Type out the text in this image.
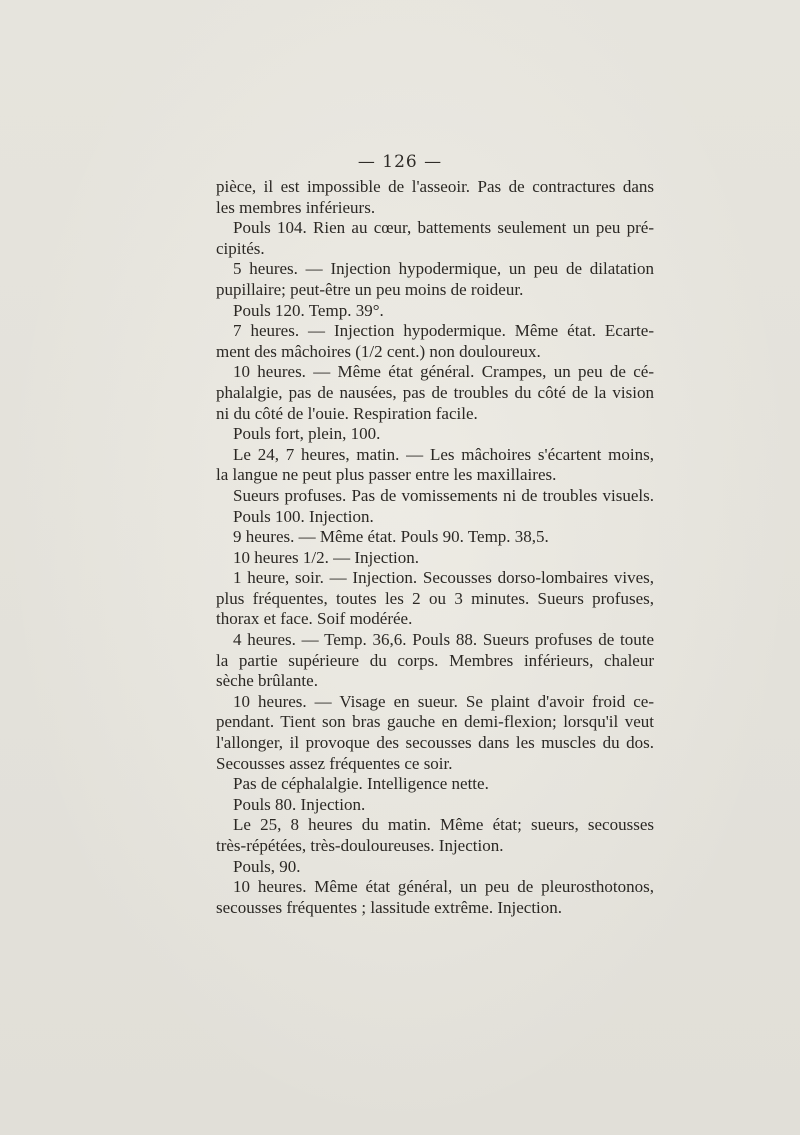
— 126 —
pièce, il est impossible de l'asseoir. Pas de contractures dans
les membres inférieurs.
Pouls 104. Rien au cœur, battements seulement un peu pré-
cipités.
5 heures. — Injection hypodermique, un peu de dilatation
pupillaire; peut-être un peu moins de roideur.
Pouls 120. Temp. 39°.
7 heures. — Injection hypodermique. Même état. Ecarte-
ment des mâchoires (1/2 cent.) non douloureux.
10 heures. — Même état général. Crampes, un peu de cé-
phalalgie, pas de nausées, pas de troubles du côté de la vision
ni du côté de l'ouie. Respiration facile.
Pouls fort, plein, 100.
Le 24, 7 heures, matin. — Les mâchoires s'écartent moins,
la langue ne peut plus passer entre les maxillaires.
Sueurs profuses. Pas de vomissements ni de troubles visuels.
Pouls 100. Injection.
9 heures. — Même état. Pouls 90. Temp. 38,5.
10 heures 1/2. — Injection.
1 heure, soir. — Injection. Secousses dorso-lombaires vives,
plus fréquentes, toutes les 2 ou 3 minutes. Sueurs profuses,
thorax et face. Soif modérée.
4 heures. — Temp. 36,6. Pouls 88. Sueurs profuses de toute
la partie supérieure du corps. Membres inférieurs, chaleur
sèche brûlante.
10 heures. — Visage en sueur. Se plaint d'avoir froid ce-
pendant. Tient son bras gauche en demi-flexion; lorsqu'il veut
l'allonger, il provoque des secousses dans les muscles du dos.
Secousses assez fréquentes ce soir.
Pas de céphalalgie. Intelligence nette.
Pouls 80. Injection.
Le 25, 8 heures du matin. Même état; sueurs, secousses
très-répétées, très-douloureuses. Injection.
Pouls, 90.
10 heures. Même état général, un peu de pleurosthotonos,
secousses fréquentes ; lassitude extrême. Injection.
